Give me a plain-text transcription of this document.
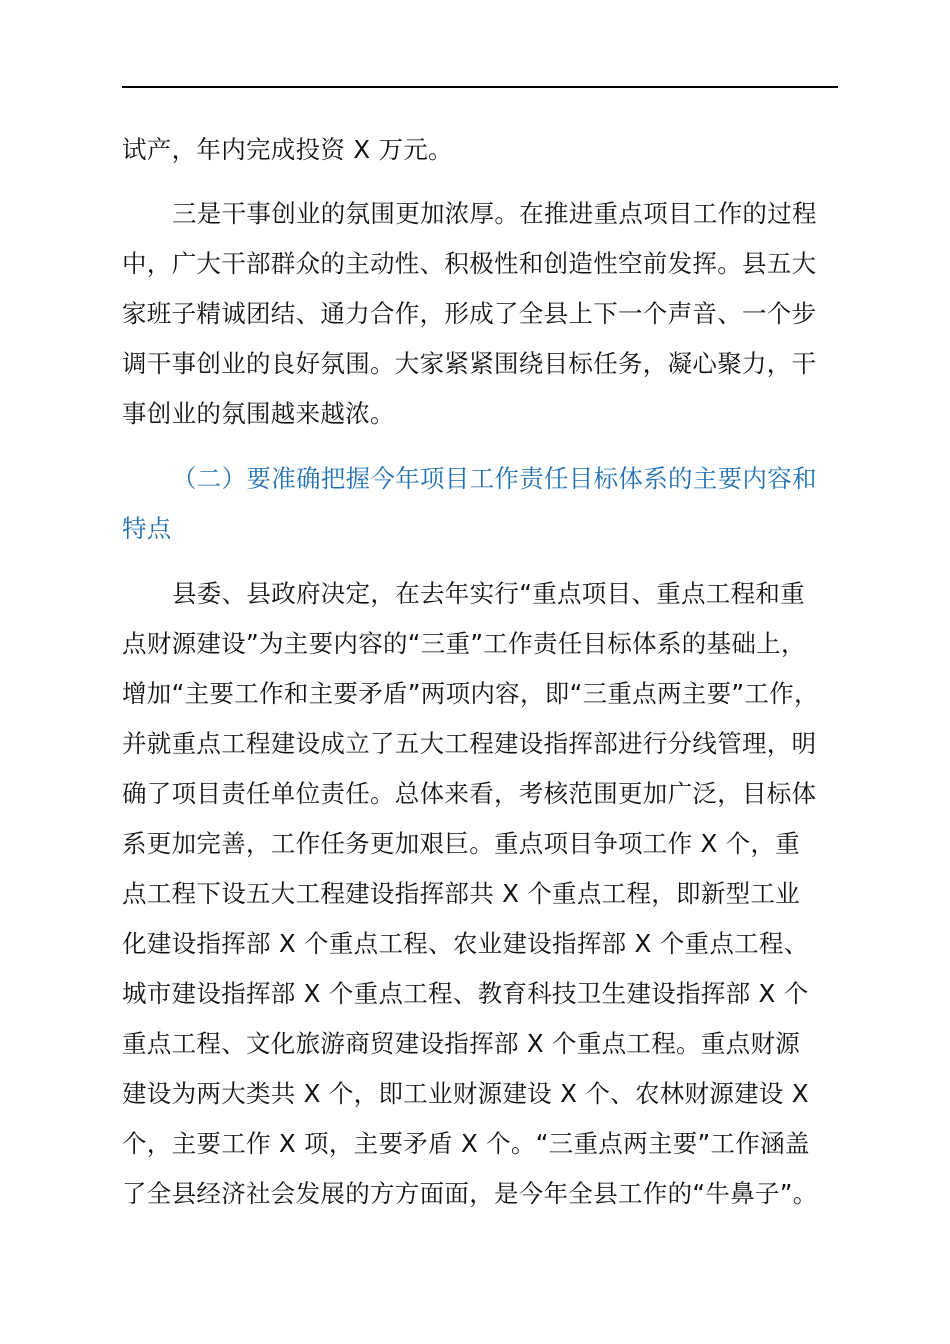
试产，年内完成投资 X 万元。
三是干事创业的氛围更加浓厚。在推进重点项目工作的过程
中，广大干部群众的主动性、积极性和创造性空前发挥。县五大
家班子精诚团结、通力合作，形成了全县上下一个声音、一个步
调干事创业的良好氛围。大家紧紧围绕目标任务，凝心聚力，干
事创业的氛围越来越浓。
（二）要准确把握今年项目工作责任目标体系的主要内容和
特点
县委、县政府决定，在去年实行“重点项目、重点工程和重
点财源建设”为主要内容的“三重”工作责任目标体系的基础上，
增加“主要工作和主要矛盾”两项内容，即“三重点两主要”工作，
并就重点工程建设成立了五大工程建设指挥部进行分线管理，明
确了项目责任单位责任。总体来看，考核范围更加广泛，目标体
系更加完善，工作任务更加艰巨。重点项目争项工作 X 个，重
点工程下设五大工程建设指挥部共 X 个重点工程，即新型工业
化建设指挥部 X 个重点工程、农业建设指挥部 X 个重点工程、
城市建设指挥部 X 个重点工程、教育科技卫生建设指挥部 X 个
重点工程、文化旅游商贸建设指挥部 X 个重点工程。重点财源
建设为两大类共 X 个，即工业财源建设 X 个、农林财源建设 X
个，主要工作 X 项，主要矛盾 X 个。“三重点两主要”工作涵盖
了全县经济社会发展的方方面面，是今年全县工作的“牛鼻子”。
